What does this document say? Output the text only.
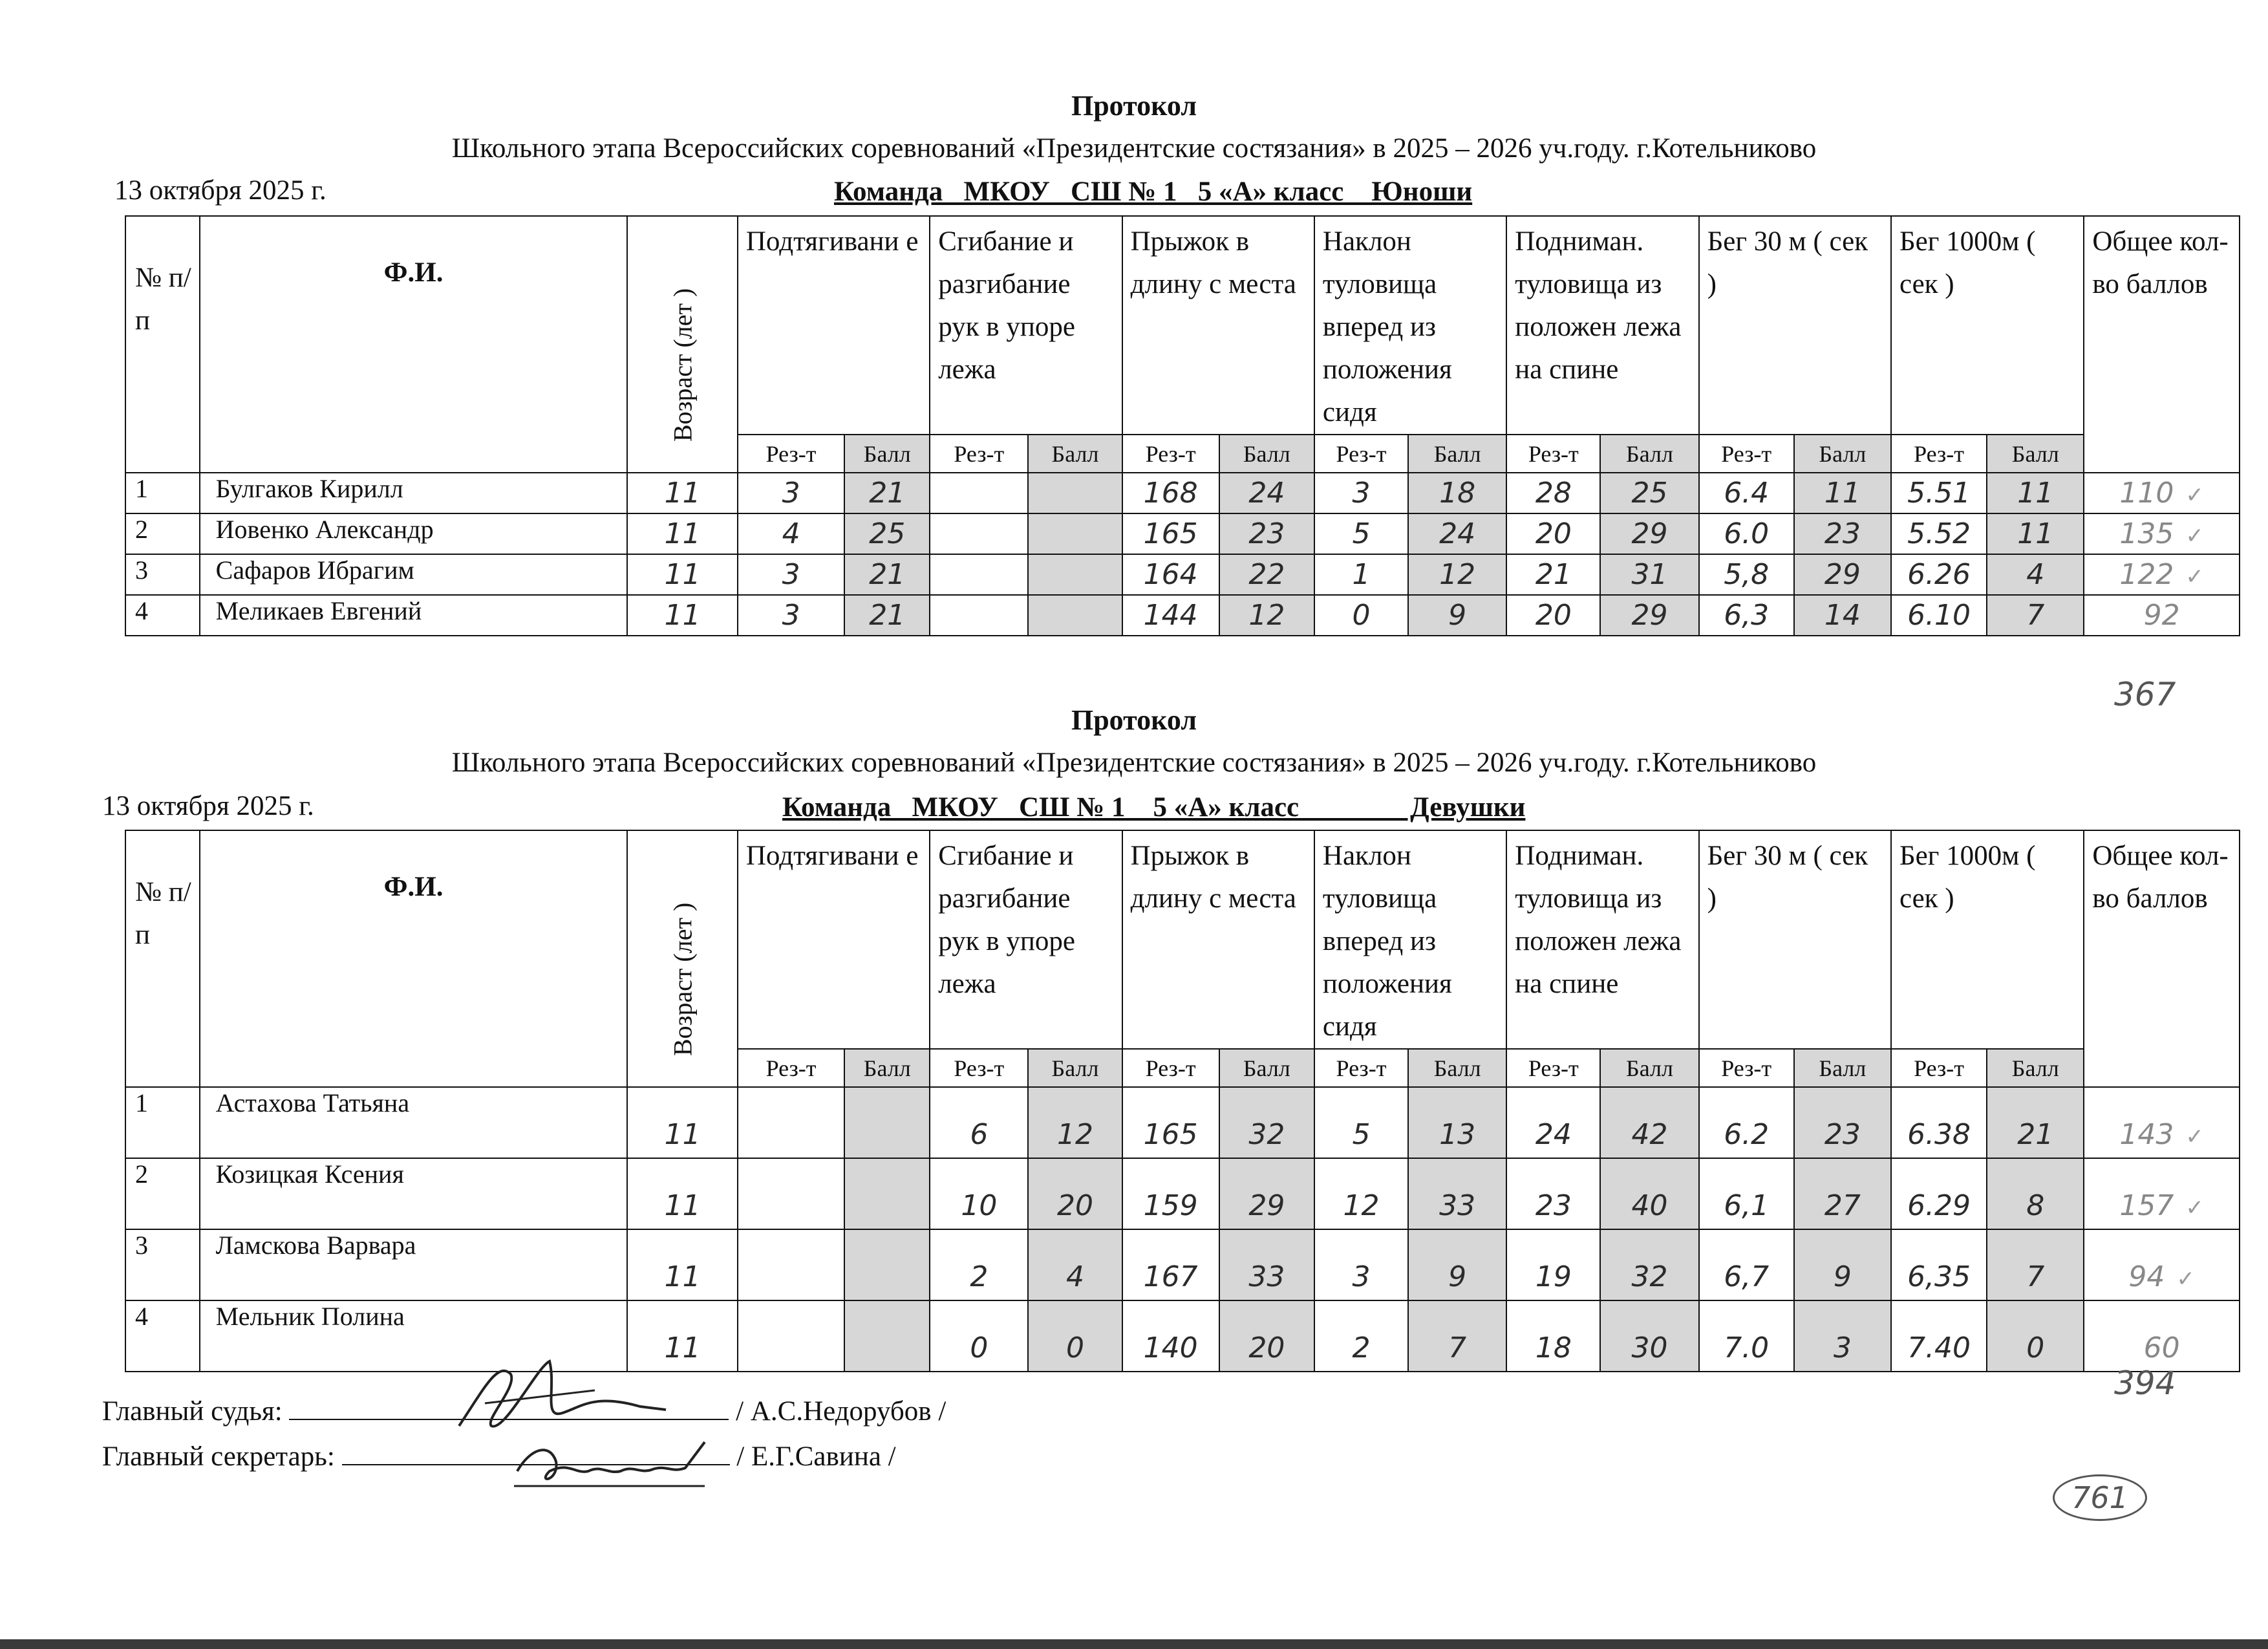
Протокол
Школьного этапа Всероссийских соревнований «Президентские состязания» в 2025 – 2026 уч.году. г.Котельниково
13 октября 2025 г.	Команда   МКОУ   СШ № 1   5 «А» класс    Юноши
№ п/п	Ф.И.	Возраст (лет )	Подтягивани е		Сгибание и разгибание рук в упоре лежа		Прыжок в длину с места		Наклон туловища вперед из положения сидя		Подниман. туловища из положен лежа на спине		Бег 30 м ( сек )		Бег 1000м ( сек )		Общее кол-во баллов
			Рез-т	Балл	Рез-т	Балл	Рез-т	Балл	Рез-т	Балл	Рез-т	Балл	Рез-т	Балл	Рез-т	Балл	
1	Булгаков Кирилл	11	3	21			168	24	3	18	28	25	6.4	11	5.51	11	110 ✓
2	Иовенко Александр	11	4	25			165	23	5	24	20	29	6.0	23	5.52	11	135 ✓
3	Сафаров Ибрагим	11	3	21			164	22	1	12	21	31	5,8	29	6.26	4	122 ✓
4	Меликаев Евгений	11	3	21			144	12	0	9	20	29	6,3	14	6.10	7	92
367
Протокол
Школьного этапа Всероссийских соревнований «Президентские состязания» в 2025 – 2026 уч.году. г.Котельниково
13 октября 2025 г.	Команда   МКОУ   СШ № 1    5 «А» класс                Девушки
№ п/п	Ф.И.	Возраст (лет )	Подтягивани е		Сгибание и разгибание рук в упоре лежа		Прыжок в длину с места		Наклон туловища вперед из положения сидя		Подниман. туловища из положен лежа на спине		Бег 30 м ( сек )		Бег 1000м ( сек )		Общее кол-во баллов
			Рез-т	Балл	Рез-т	Балл	Рез-т	Балл	Рез-т	Балл	Рез-т	Балл	Рез-т	Балл	Рез-т	Балл	
1	Астахова Татьяна	11			6	12	165	32	5	13	24	42	6.2	23	6.38	21	143 ✓
2	Козицкая Ксения	11			10	20	159	29	12	33	23	40	6,1	27	6.29	8	157 ✓
3	Ламскова Варвара	11			2	4	167	33	3	9	19	32	6,7	9	6,35	7	94 ✓
4	Мельник Полина	11			0	0	140	20	2	7	18	30	7.0	3	7.40	0	60
394
Главный судья:	/ А.С.Недорубов /
Главный секретарь:	/ Е.Г.Савина /
761
